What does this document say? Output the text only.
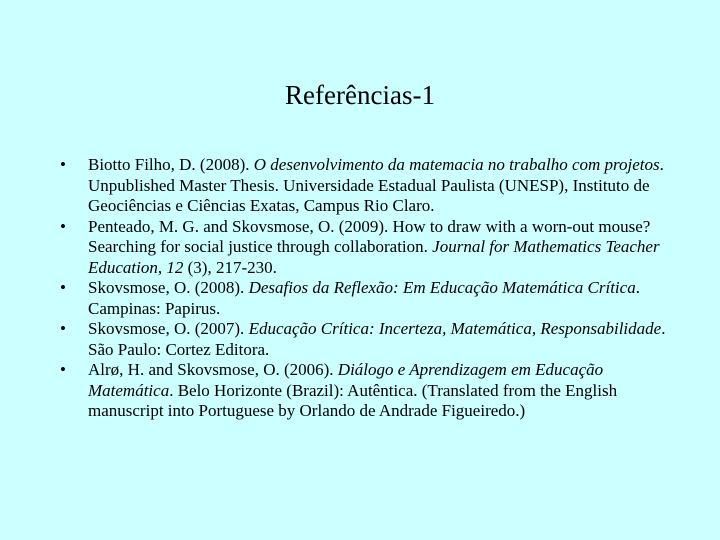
Referências-1
•	Biotto Filho, D. (2008). O desenvolvimento da matemacia no trabalho com projetos. Unpublished Master Thesis. Universidade Estadual Paulista (UNESP), Instituto de Geociências e Ciências Exatas, Campus Rio Claro.
•	Penteado, M. G. and Skovsmose, O. (2009). How to draw with a worn-out mouse? Searching for social justice through collaboration. Journal for Mathematics Teacher Education, 12 (3), 217-230.
•	Skovsmose, O. (2008). Desafios da Reflexão: Em Educação Matemática Crítica. Campinas: Papirus.
•	Skovsmose, O. (2007). Educação Crítica: Incerteza, Matemática, Responsabilidade. São Paulo: Cortez Editora.
•	Alrø, H. and Skovsmose, O. (2006). Diálogo e Aprendizagem em Educação Matemática. Belo Horizonte (Brazil): Autêntica. (Translated from the English manuscript into Portuguese by Orlando de Andrade Figueiredo.)
